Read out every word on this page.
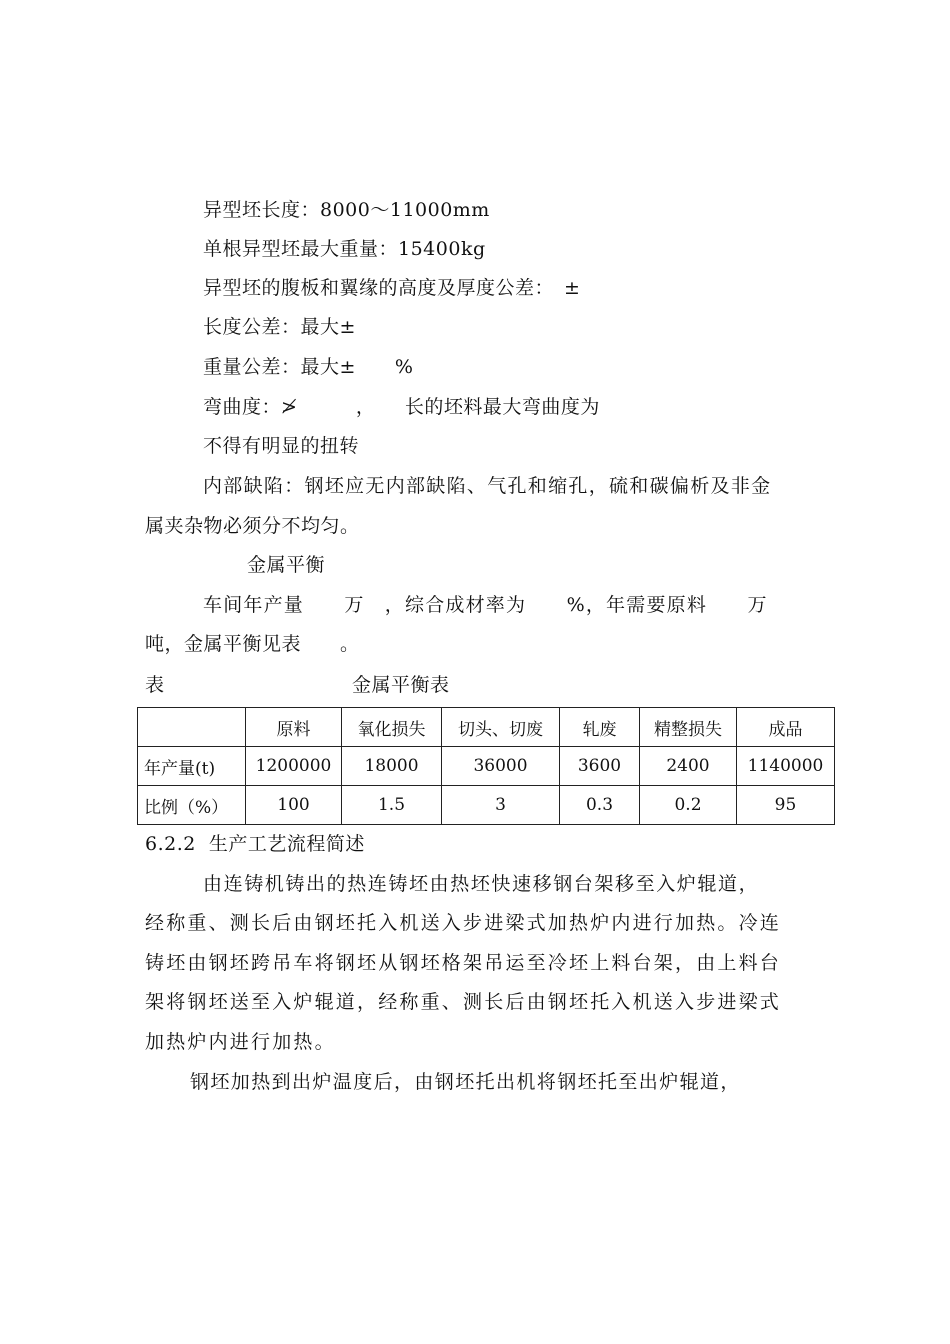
异型坯长度：8000～11000mm
单根异型坯最大重量：15400kg
异型坯的腹板和翼缘的高度及厚度公差：　±
长度公差：最大±
重量公差：最大±　　%
弯曲度：≯　　　，　　长的坯料最大弯曲度为
不得有明显的扭转
内部缺陷：钢坯应无内部缺陷、气孔和缩孔，硫和碳偏析及非金
属夹杂物必须分不均匀。
金属平衡
车间年产量　　万　，综合成材率为　　%，年需要原料　　万
吨，金属平衡见表　　。
表	金属平衡表
	原料	氧化损失	切头、切废	轧废	精整损失	成品
年产量(t)	1200000	18000	36000	3600	2400	1140000
比例（%）	100	1.5	3	0.3	0.2	95
6.2.2  生产工艺流程简述
由连铸机铸出的热连铸坯由热坯快速移钢台架移至入炉辊道，
经称重、测长后由钢坯托入机送入步进梁式加热炉内进行加热。冷连
铸坯由钢坯跨吊车将钢坯从钢坯格架吊运至冷坯上料台架，由上料台
架将钢坯送至入炉辊道，经称重、测长后由钢坯托入机送入步进梁式
加热炉内进行加热。
钢坯加热到出炉温度后，由钢坯托出机将钢坯托至出炉辊道，
